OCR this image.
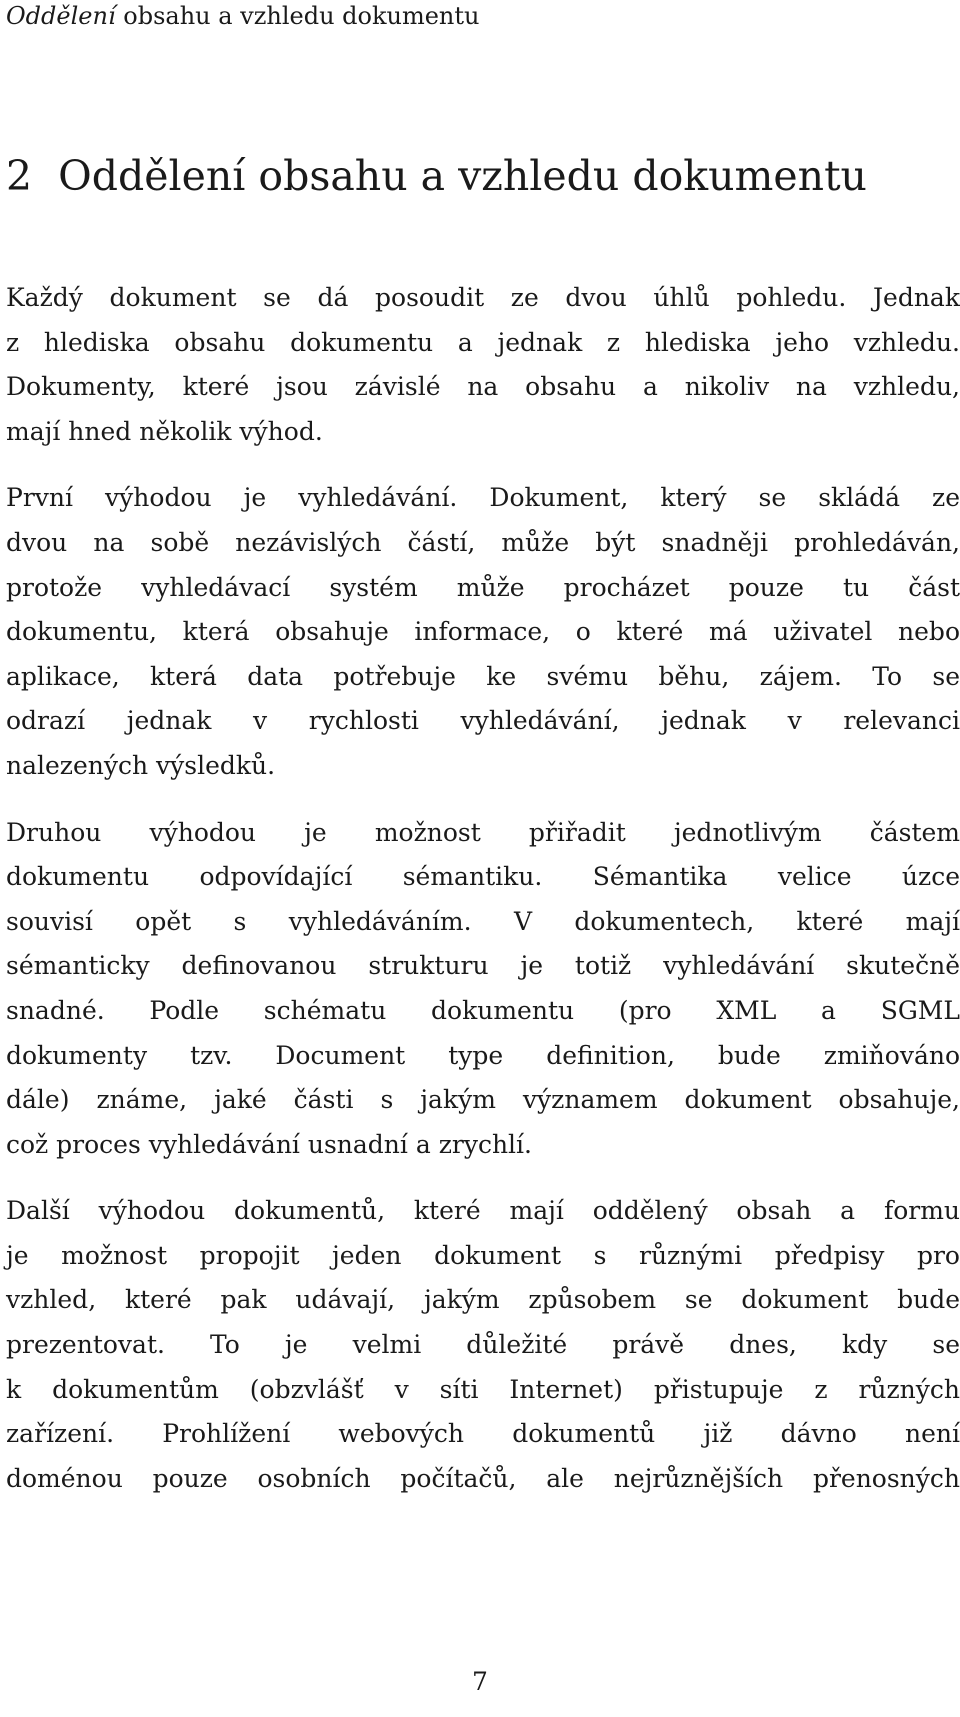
Oddělení obsahu a vzhledu dokumentu
2 Oddělení obsahu a vzhledu dokumentu

Každý dokument se dá posoudit ze dvou úhlů pohledu. Jednak
z hlediska obsahu dokumentu a jednak z hlediska jeho vzhledu.
Dokumenty, které jsou závislé na obsahu a nikoliv na vzhledu,
mají hned několik výhod.

První výhodou je vyhledávání. Dokument, který se skládá ze
dvou na sobě nezávislých částí, může být snadněji prohledáván,
protože vyhledávací systém může procházet pouze tu část
dokumentu, která obsahuje informace, o které má uživatel nebo
aplikace, která data potřebuje ke svému běhu, zájem. To se
odrazí jednak v rychlosti vyhledávání, jednak v relevanci
nalezených výsledků.

Druhou výhodou je možnost přiřadit jednotlivým částem
dokumentu odpovídající sémantiku. Sémantika velice úzce
souvisí opět s vyhledáváním. V dokumentech, které mají
sémanticky definovanou strukturu je totiž vyhledávání skutečně
snadné. Podle schématu dokumentu (pro XML a SGML
dokumenty tzv. Document type definition, bude zmiňováno
dále) známe, jaké části s jakým významem dokument obsahuje,
což proces vyhledávání usnadní a zrychlí.

Další výhodou dokumentů, které mají oddělený obsah a formu
je možnost propojit jeden dokument s různými předpisy pro
vzhled, které pak udávají, jakým způsobem se dokument bude
prezentovat. To je velmi důležité právě dnes, kdy se
k dokumentům (obzvlášť v síti Internet) přistupuje z různých
zařízení. Prohlížení webových dokumentů již dávno není
doménou pouze osobních počítačů, ale nejrůznějších přenosných

7
